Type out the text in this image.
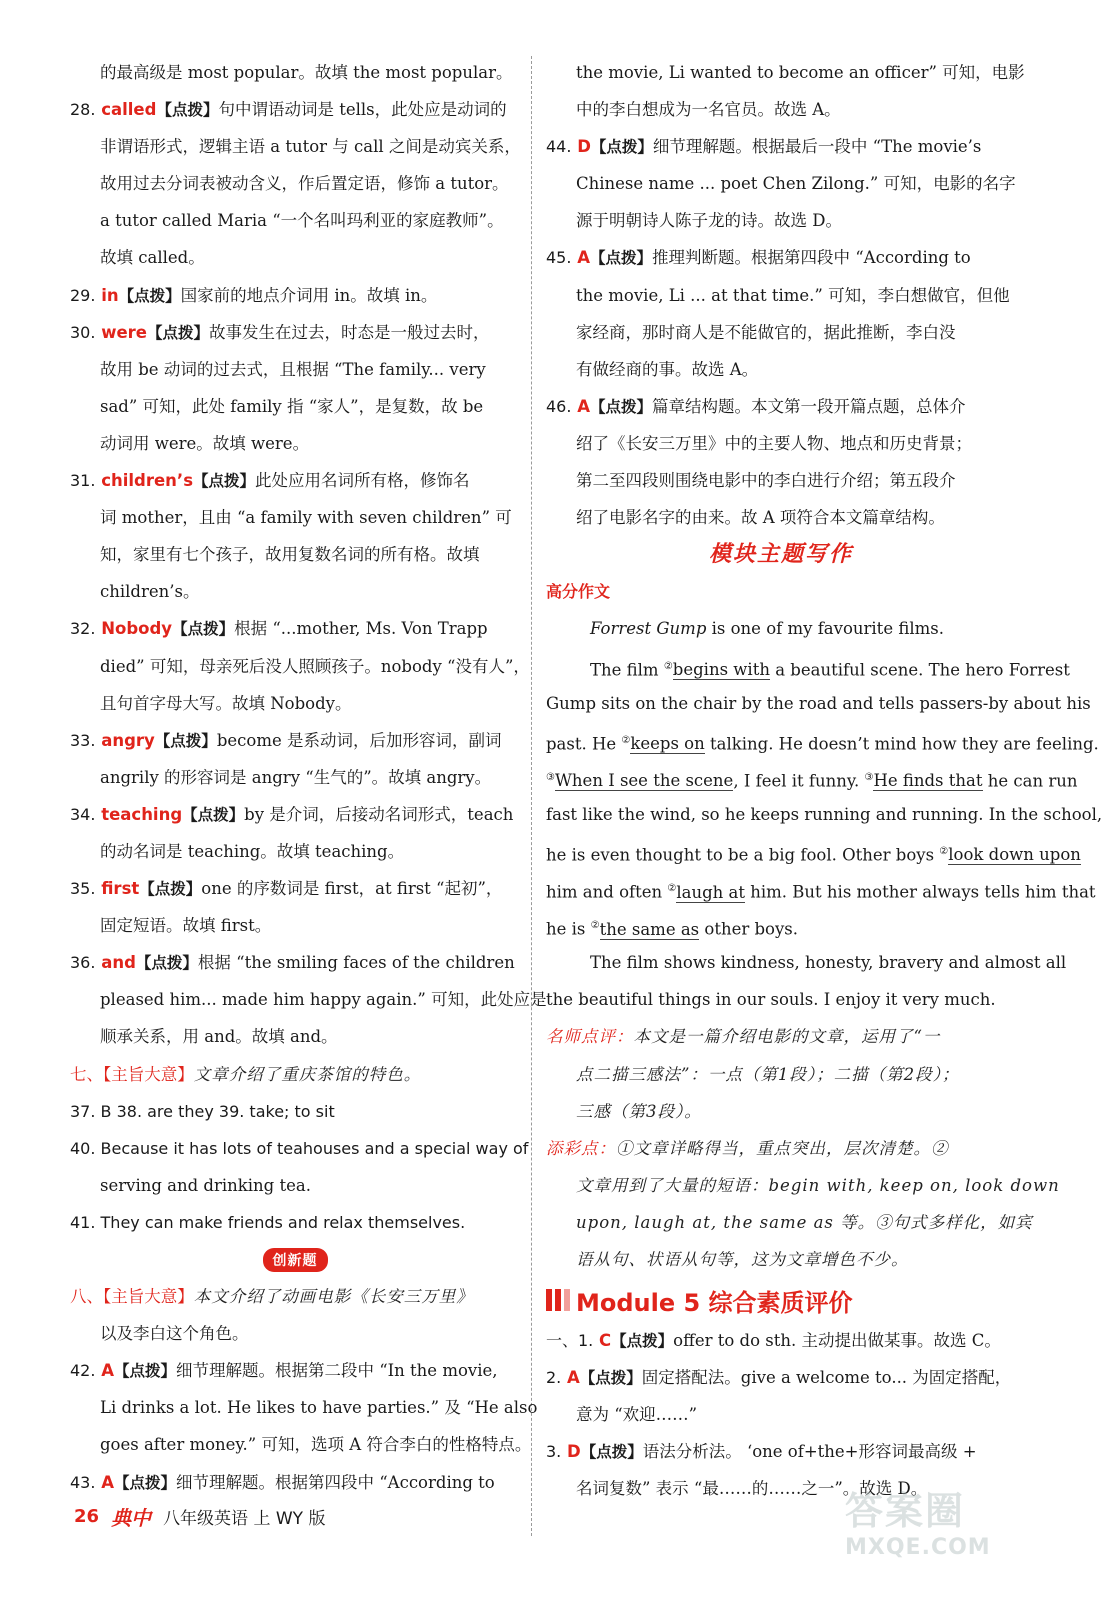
的最高级是 most popular。故填 the most popular。
28. called【点拨】句中谓语动词是 tells，此处应是动词的
非谓语形式，逻辑主语 a tutor 与 call 之间是动宾关系，
故用过去分词表被动含义，作后置定语，修饰 a tutor。
a tutor called Maria “一个名叫玛利亚的家庭教师”。
故填 called。
29. in【点拨】国家前的地点介词用 in。故填 in。
30. were【点拨】故事发生在过去，时态是一般过去时，
故用 be 动词的过去式，且根据 “The family... very
sad” 可知，此处 family 指 “家人”，是复数，故 be
动词用 were。故填 were。
31. children’s【点拨】此处应用名词所有格，修饰名
词 mother，且由 “a family with seven children” 可
知，家里有七个孩子，故用复数名词的所有格。故填
children’s。
32. Nobody【点拨】根据 “...mother, Ms. Von Trapp
died” 可知，母亲死后没人照顾孩子。nobody “没有人”，
且句首字母大写。故填 Nobody。
33. angry【点拨】become 是系动词，后加形容词，副词
angrily 的形容词是 angry “生气的”。故填 angry。
34. teaching【点拨】by 是介词，后接动名词形式，teach
的动名词是 teaching。故填 teaching。
35. first【点拨】one 的序数词是 first，at first “起初”，
固定短语。故填 first。
36. and【点拨】根据 “the smiling faces of the children
pleased him... made him happy again.” 可知，此处应是
顺承关系，用 and。故填 and。
七、【主旨大意】文章介绍了重庆茶馆的特色。
37. B 38. are they 39. take; to sit
40. Because it has lots of teahouses and a special way of
serving and drinking tea.
41. They can make friends and relax themselves.
创新题
八、【主旨大意】本文介绍了动画电影《长安三万里》
以及李白这个角色。
42. A【点拨】细节理解题。根据第二段中 “In the movie,
Li drinks a lot. He likes to have parties.” 及 “He also
goes after money.” 可知，选项 A 符合李白的性格特点。
43. A【点拨】细节理解题。根据第四段中 “According to
the movie, Li wanted to become an officer” 可知，电影
中的李白想成为一名官员。故选 A。
44. D【点拨】细节理解题。根据最后一段中 “The movie’s
Chinese name ... poet Chen Zilong.” 可知，电影的名字
源于明朝诗人陈子龙的诗。故选 D。
45. A【点拨】推理判断题。根据第四段中 “According to
the movie, Li ... at that time.” 可知，李白想做官，但他
家经商，那时商人是不能做官的，据此推断，李白没
有做经商的事。故选 A。
46. A【点拨】篇章结构题。本文第一段开篇点题，总体介
绍了《长安三万里》中的主要人物、地点和历史背景；
第二至四段则围绕电影中的李白进行介绍；第五段介
绍了电影名字的由来。故 A 项符合本文篇章结构。
模块主题写作
高分作文
Forrest Gump is one of my favourite films.
The film ②begins with a beautiful scene. The hero Forrest
Gump sits on the chair by the road and tells passers-by about his
past. He ②keeps on talking. He doesn’t mind how they are feeling.
③When I see the scene, I feel it funny. ③He finds that he can run
fast like the wind, so he keeps running and running. In the school,
he is even thought to be a big fool. Other boys ②look down upon
him and often ②laugh at him. But his mother always tells him that
he is ②the same as other boys.
The film shows kindness, honesty, bravery and almost all
the beautiful things in our souls. I enjoy it very much.
名师点评：本文是一篇介绍电影的文章，运用了“一
点二描三感法”：一点（第1段）；二描（第2段）；
三感（第3段）。
添彩点：①文章详略得当，重点突出，层次清楚。②
文章用到了大量的短语：begin with, keep on, look down
upon, laugh at, the same as 等。③句式多样化，如宾
语从句、状语从句等，这为文章增色不少。
Module 5 综合素质评价
一、1. C【点拨】offer to do sth. 主动提出做某事。故选 C。
2. A【点拨】固定搭配法。give a welcome to... 为固定搭配，
意为 “欢迎……”
3. D【点拨】语法分析法。 ‘one of+the+形容词最高级 +
名词复数” 表示 “最……的……之一”。故选 D。
26 典中 八年级英语 上 WY 版	答案圈
MXQE.COM
